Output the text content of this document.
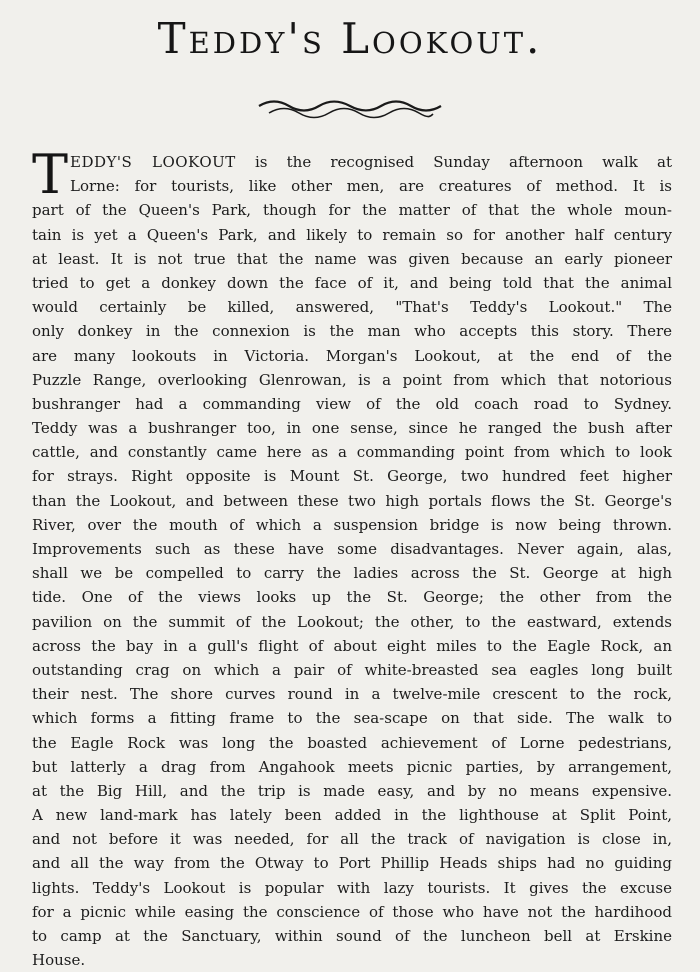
Teddy's Lookout.
T EDDY'S LOOKOUT is the recognised Sunday afternoon walk at
Lorne: for tourists, like other men, are creatures of method. It is
part of the Queen's Park, though for the matter of that the whole moun-
tain is yet a Queen's Park, and likely to remain so for another half century
at least. It is not true that the name was given because an early pioneer
tried to get a donkey down the face of it, and being told that the animal
would certainly be killed, answered, "That's Teddy's Lookout." The
only donkey in the connexion is the man who accepts this story. There
are many lookouts in Victoria. Morgan's Lookout, at the end of the
Puzzle Range, overlooking Glenrowan, is a point from which that notorious
bushranger had a commanding view of the old coach road to Sydney.
Teddy was a bushranger too, in one sense, since he ranged the bush after
cattle, and constantly came here as a commanding point from which to look
for strays. Right opposite is Mount St. George, two hundred feet higher
than the Lookout, and between these two high portals flows the St. George's
River, over the mouth of which a suspension bridge is now being thrown.
Improvements such as these have some disadvantages. Never again, alas,
shall we be compelled to carry the ladies across the St. George at high
tide. One of the views looks up the St. George; the other from the
pavilion on the summit of the Lookout; the other, to the eastward, extends
across the bay in a gull's flight of about eight miles to the Eagle Rock, an
outstanding crag on which a pair of white-breasted sea eagles long built
their nest. The shore curves round in a twelve-mile crescent to the rock,
which forms a fitting frame to the sea-scape on that side. The walk to
the Eagle Rock was long the boasted achievement of Lorne pedestrians,
but latterly a drag from Angahook meets picnic parties, by arrangement,
at the Big Hill, and the trip is made easy, and by no means expensive.
A new land-mark has lately been added in the lighthouse at Split Point,
and not before it was needed, for all the track of navigation is close in,
and all the way from the Otway to Port Phillip Heads ships had no guiding
lights. Teddy's Lookout is popular with lazy tourists. It gives the excuse
for a picnic while easing the conscience of those who have not the hardihood
to camp at the Sanctuary, within sound of the luncheon bell at Erskine
House.
